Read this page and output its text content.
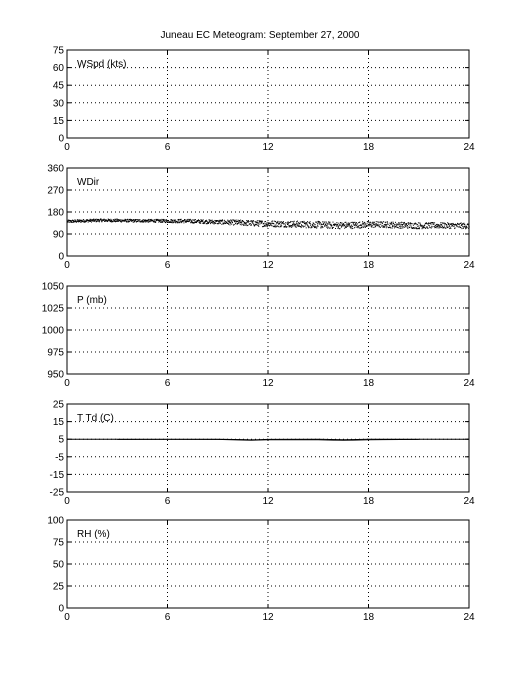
Juneau EC Meteogram: September 27, 2000
0	6	12	18	24
0
15
30
45
60
75
WSpd (kts)
0	6	12	18	24
0
90
180
270
360
WDir
0	6	12	18	24
950
975
1000
1025
1050
P (mb)
0	6	12	18	24
-25
-15
-5
5
15
25
T Td (C)
0	6	12	18	24
0
25
50
75
100
RH (%)
